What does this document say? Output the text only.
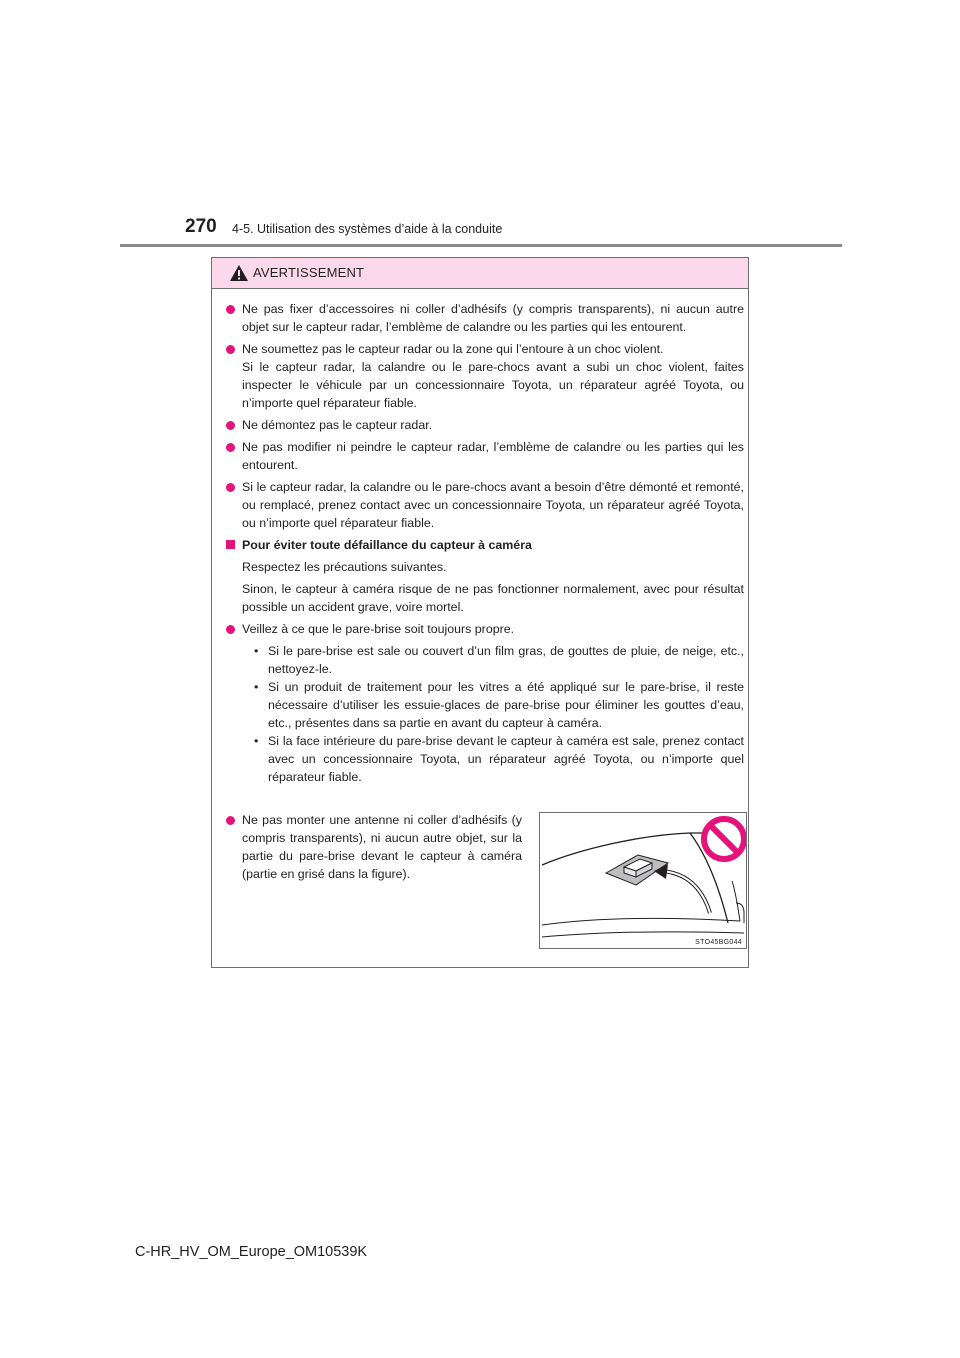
270 4-5. Utilisation des systèmes d’aide à la conduite
AVERTISSEMENT
Ne pas fixer d’accessoires ni coller d’adhésifs (y compris transparents), ni aucun autre objet sur le capteur radar, l’emblème de calandre ou les parties qui les entourent.
Ne soumettez pas le capteur radar ou la zone qui l’entoure à un choc violent.
Si le capteur radar, la calandre ou le pare-chocs avant a subi un choc violent, faites inspecter le véhicule par un concessionnaire Toyota, un réparateur agréé Toyota, ou n’importe quel réparateur fiable.
Ne démontez pas le capteur radar.
Ne pas modifier ni peindre le capteur radar, l’emblème de calandre ou les parties qui les entourent.
Si le capteur radar, la calandre ou le pare-chocs avant a besoin d’être démonté et remonté, ou remplacé, prenez contact avec un concessionnaire Toyota, un réparateur agréé Toyota, ou n’importe quel réparateur fiable.
Pour éviter toute défaillance du capteur à caméra
Respectez les précautions suivantes.
Sinon, le capteur à caméra risque de ne pas fonctionner normalement, avec pour résultat possible un accident grave, voire mortel.
Veillez à ce que le pare-brise soit toujours propre.
• Si le pare-brise est sale ou couvert d’un film gras, de gouttes de pluie, de neige, etc., nettoyez-le.
• Si un produit de traitement pour les vitres a été appliqué sur le pare-brise, il reste nécessaire d’utiliser les essuie-glaces de pare-brise pour éliminer les gouttes d’eau, etc., présentes dans sa partie en avant du capteur à caméra.
• Si la face intérieure du pare-brise devant le capteur à caméra est sale, prenez contact avec un concessionnaire Toyota, un réparateur agréé Toyota, ou n’importe quel réparateur fiable.
Ne pas monter une antenne ni coller d’adhésifs (y compris transparents), ni aucun autre objet, sur la partie du pare-brise devant le capteur à caméra (partie en grisé dans la figure).
STO45BG044
C-HR_HV_OM_Europe_OM10539K
